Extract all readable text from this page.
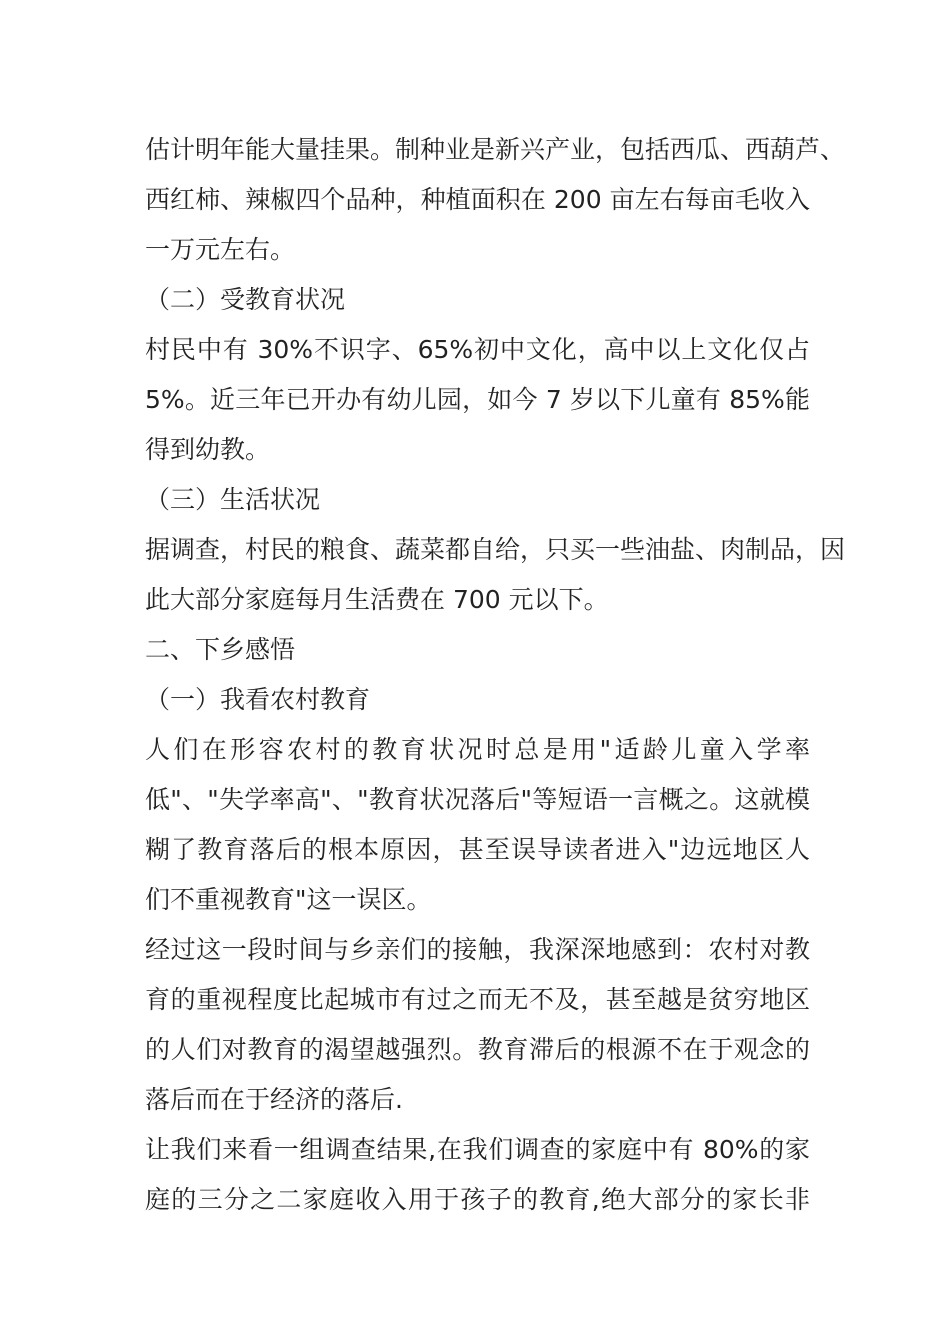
估计明年能大量挂果。制种业是新兴产业，包括西瓜、西葫芦、
西红柿、辣椒四个品种，种植面积在 200 亩左右每亩毛收入
一万元左右。
（二）受教育状况
村民中有 30%不识字、65%初中文化，高中以上文化仅占
5%。近三年已开办有幼儿园，如今 7 岁以下儿童有 85%能
得到幼教。
（三）生活状况
据调查，村民的粮食、蔬菜都自给，只买一些油盐、肉制品，因
此大部分家庭每月生活费在 700 元以下。
二、下乡感悟
（一）我看农村教育
人们在形容农村的教育状况时总是用"适龄儿童入学率
低"、"失学率高"、"教育状况落后"等短语一言概之。这就模
糊了教育落后的根本原因，甚至误导读者进入"边远地区人
们不重视教育"这一误区。
经过这一段时间与乡亲们的接触，我深深地感到：农村对教
育的重视程度比起城市有过之而无不及，甚至越是贫穷地区
的人们对教育的渴望越强烈。教育滞后的根源不在于观念的
落后而在于经济的落后.
让我们来看一组调查结果,在我们调查的家庭中有 80%的家
庭的三分之二家庭收入用于孩子的教育,绝大部分的家长非
